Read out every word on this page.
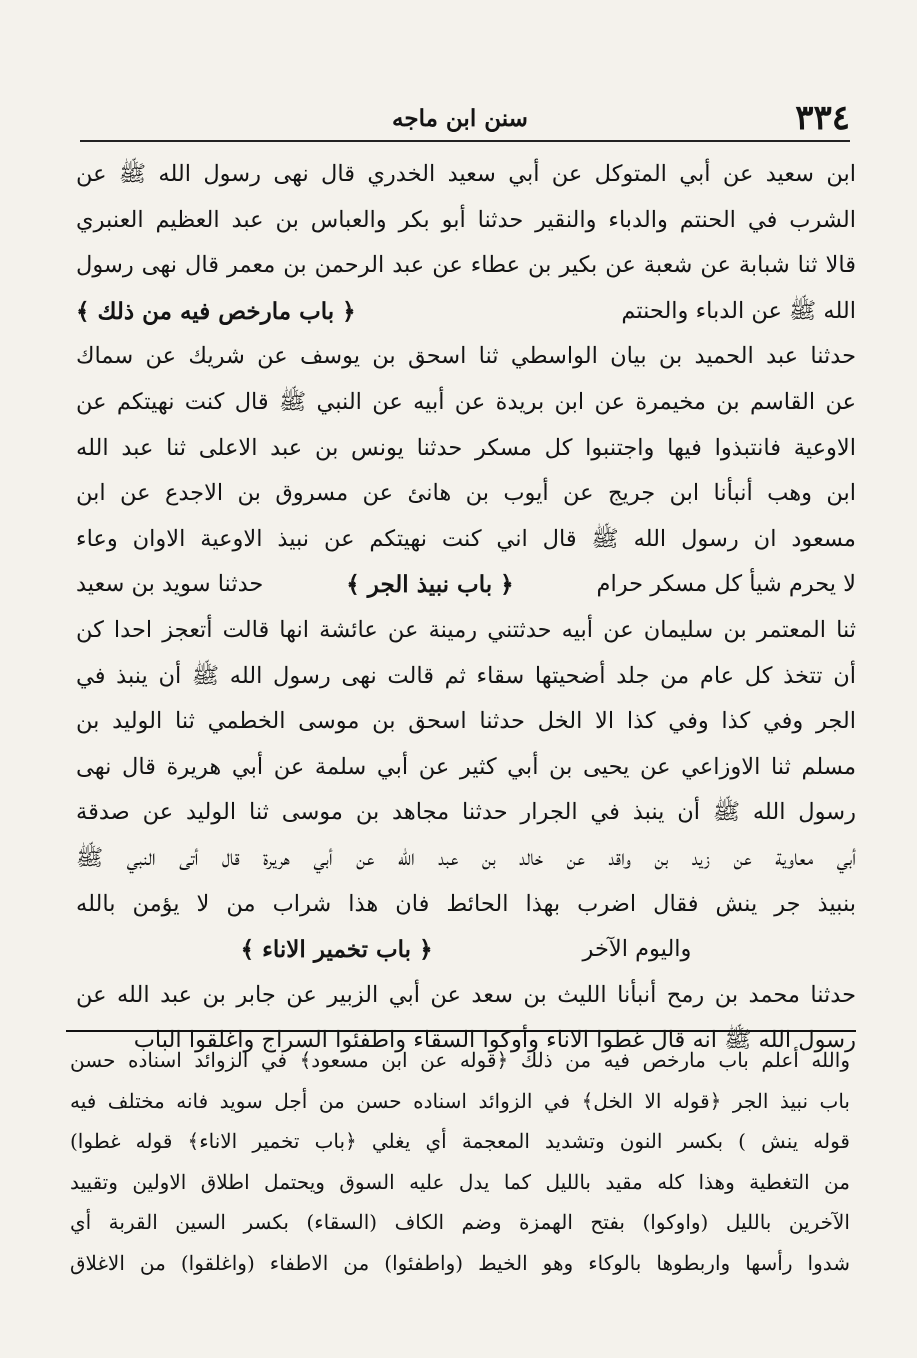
٣٣٤
سنن ابن ماجه
ابن سعيد عن أبي المتوكل عن أبي سعيد الخدري قال نهى رسول الله ﷺ عن
الشرب في الحنتم والدباء والنقير حدثنا أبو بكر والعباس بن عبد العظيم العنبري
قالا ثنا شبابة عن شعبة عن بكير بن عطاء عن عبد الرحمن بن معمر قال نهى رسول
الله ﷺ عن الدباء والحنتم
﴿ باب مارخص فيه من ذلك ﴾
حدثنا عبد الحميد بن بيان الواسطي ثنا اسحق بن يوسف عن شريك عن سماك
عن القاسم بن مخيمرة عن ابن بريدة عن أبيه عن النبي ﷺ قال كنت نهيتكم عن
الاوعية فانتبذوا فيها واجتنبوا كل مسكر حدثنا يونس بن عبد الاعلى ثنا عبد الله
ابن وهب أنبأنا ابن جريج عن أيوب بن هانئ عن مسروق بن الاجدع عن ابن
مسعود ان رسول الله ﷺ قال اني كنت نهيتكم عن نبيذ الاوعية الاوان وعاء
لا يحرم شيأ كل مسكر حرام
﴿ باب نبيذ الجر ﴾
حدثنا سويد بن سعيد
ثنا المعتمر بن سليمان عن أبيه حدثتني رمينة عن عائشة انها قالت أتعجز احدا كن
أن تتخذ كل عام من جلد أضحيتها سقاء ثم قالت نهى رسول الله ﷺ أن ينبذ في
الجر وفي كذا وفي كذا الا الخل حدثنا اسحق بن موسى الخطمي ثنا الوليد بن
مسلم ثنا الاوزاعي عن يحيى بن أبي كثير عن أبي سلمة عن أبي هريرة قال نهى
رسول الله ﷺ أن ينبذ في الجرار حدثنا مجاهد بن موسى ثنا الوليد عن صدقة
أبي معاوية عن زيد بن واقد عن خالد بن عبد الله عن أبي هريرة قال أتى النبي ﷺ
بنبيذ جر ينش فقال اضرب بهذا الحائط فان هذا شراب من لا يؤمن بالله
واليوم الآخر
﴿ باب تخمير الاناء ﴾
حدثنا محمد بن رمح أنبأنا الليث بن سعد عن أبي الزبير عن جابر بن عبد الله عن
رسول الله ﷺ انه قال غطوا الاناء وأوكوا السقاء واطفئوا السراج واغلقوا الباب
والله أعلم باب مارخص فيه من ذلك ﴿قوله عن ابن مسعود﴾ في الزوائد اسناده حسن
باب نبيذ الجر ﴿قوله الا الخل﴾ في الزوائد اسناده حسن من أجل سويد فانه مختلف فيه
قوله ينش ) بكسر النون وتشديد المعجمة أي يغلي ﴿باب تخمير الاناء﴾ قوله غطوا)
من التغطية وهذا كله مقيد بالليل كما يدل عليه السوق ويحتمل اطلاق الاولين وتقييد
الآخرين بالليل (واوكوا) بفتح الهمزة وضم الكاف (السقاء) بكسر السين القربة أي
شدوا رأسها واربطوها بالوكاء وهو الخيط (واطفئوا) من الاطفاء (واغلقوا) من الاغلاق
